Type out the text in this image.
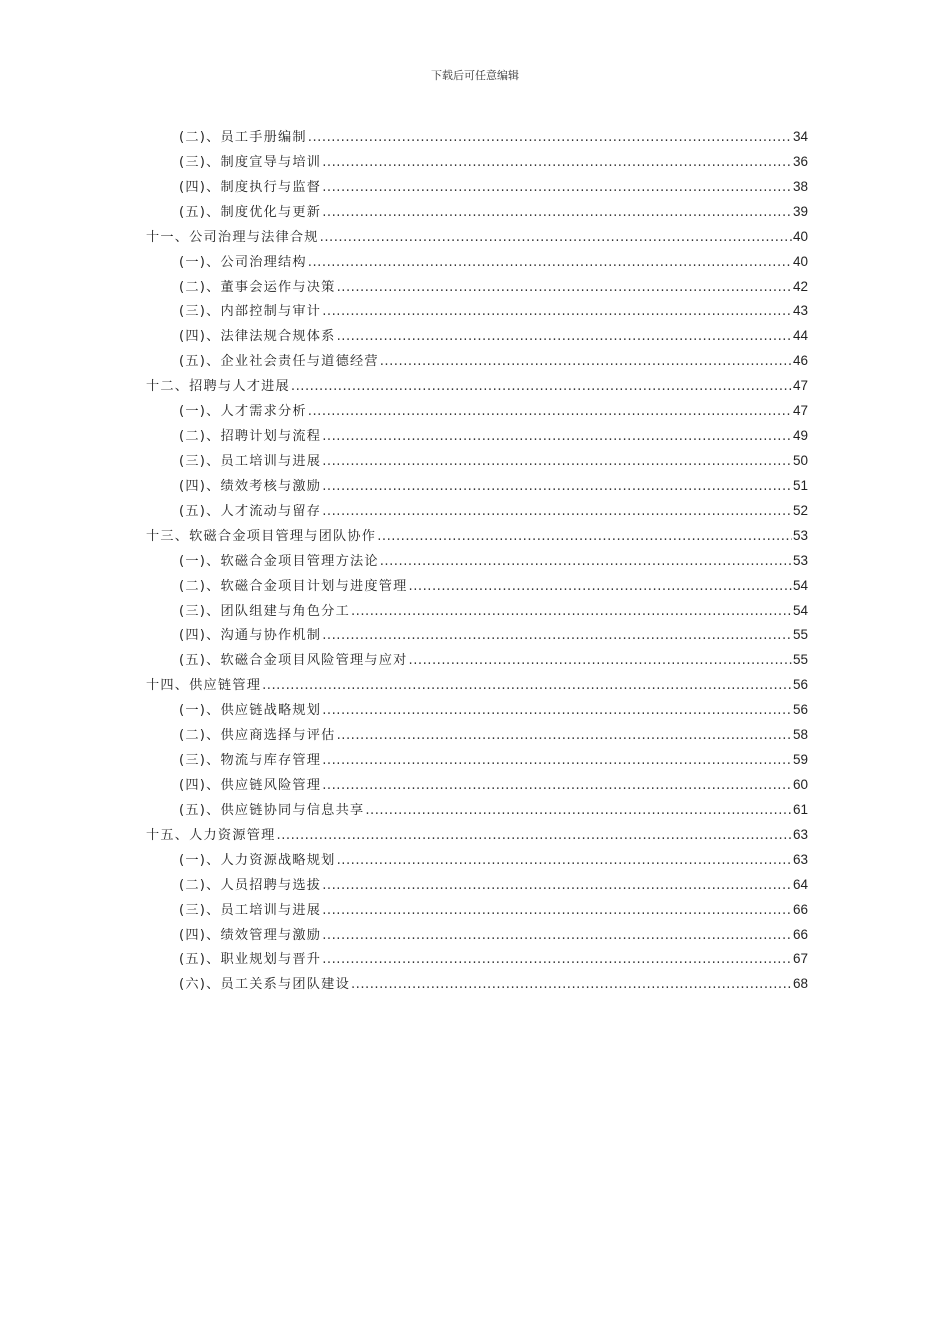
下载后可任意编辑
(二)、员工手册编制 .....	34
(三)、制度宣导与培训 .....	36
(四)、制度执行与监督 .....	38
(五)、制度优化与更新 .....	39
十一、公司治理与法律合规 .....	40
(一)、公司治理结构 .....	40
(二)、董事会运作与决策 .....	42
(三)、内部控制与审计 .....	43
(四)、法律法规合规体系 .....	44
(五)、企业社会责任与道德经营 .....	46
十二、招聘与人才进展 .....	47
(一)、人才需求分析 .....	47
(二)、招聘计划与流程 .....	49
(三)、员工培训与进展 .....	50
(四)、绩效考核与激励 .....	51
(五)、人才流动与留存 .....	52
十三、软磁合金项目管理与团队协作 .....	53
(一)、软磁合金项目管理方法论 .....	53
(二)、软磁合金项目计划与进度管理 .....	54
(三)、团队组建与角色分工 .....	54
(四)、沟通与协作机制 .....	55
(五)、软磁合金项目风险管理与应对 .....	55
十四、供应链管理 .....	56
(一)、供应链战略规划 .....	56
(二)、供应商选择与评估 .....	58
(三)、物流与库存管理 .....	59
(四)、供应链风险管理 .....	60
(五)、供应链协同与信息共享 .....	61
十五、人力资源管理 .....	63
(一)、人力资源战略规划 .....	63
(二)、人员招聘与选拔 .....	64
(三)、员工培训与进展 .....	66
(四)、绩效管理与激励 .....	66
(五)、职业规划与晋升 .....	67
(六)、员工关系与团队建设 .....	68
